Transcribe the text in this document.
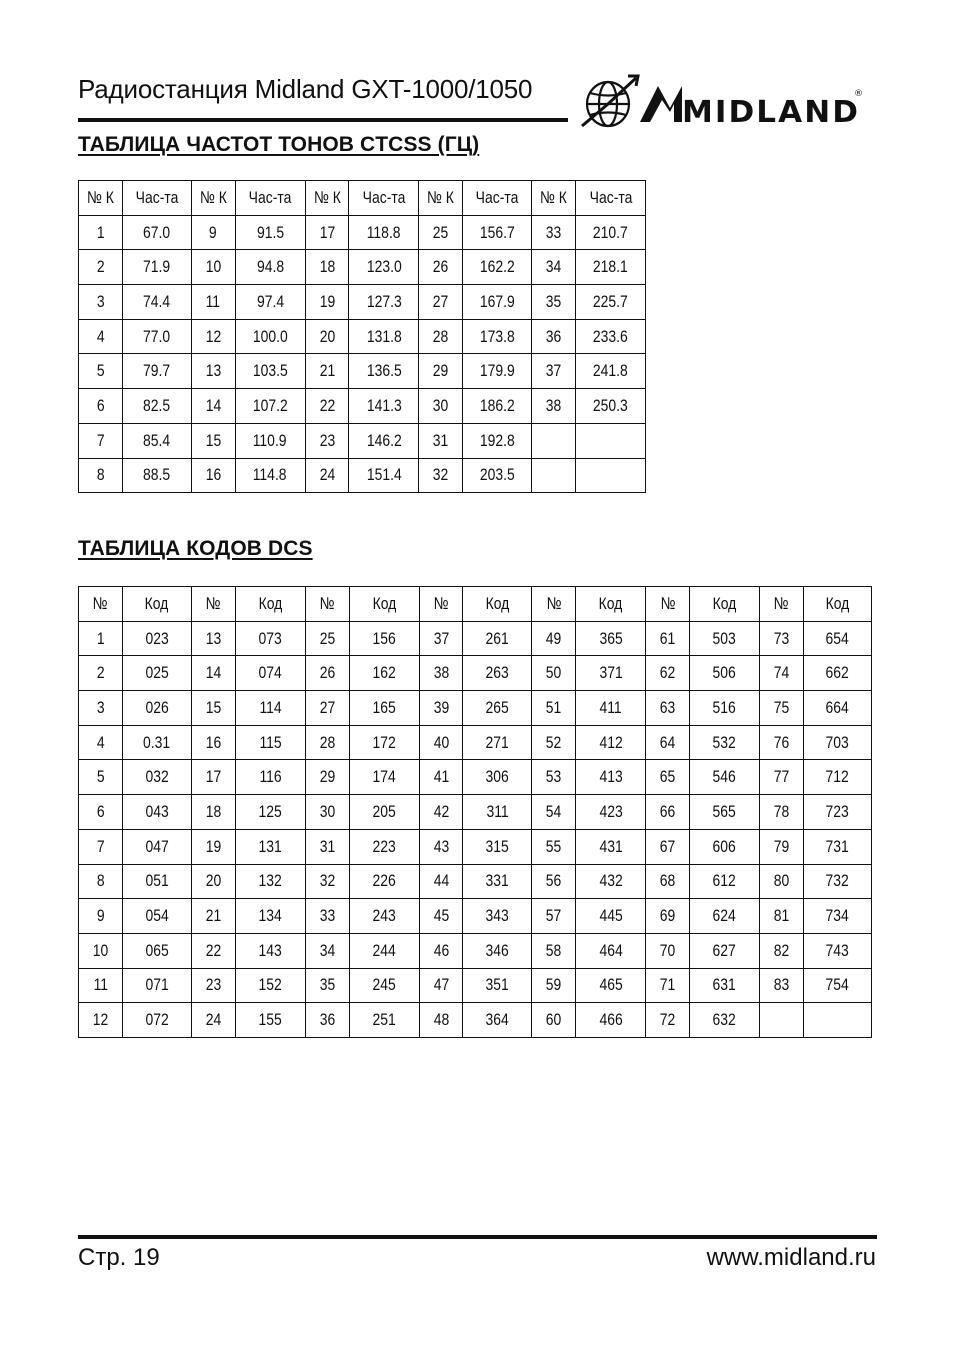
Радиостанция Midland GXT-1000/1050
MIDLAND
®
ТАБЛИЦА ЧАСТОТ ТОНОВ CTCSS (ГЦ)
№ К	Час-та	№ К	Час-та	№ К	Час-та	№ К	Час-та	№ К	Час-та
1	67.0	9	91.5	17	118.8	25	156.7	33	210.7
2	71.9	10	94.8	18	123.0	26	162.2	34	218.1
3	74.4	11	97.4	19	127.3	27	167.9	35	225.7
4	77.0	12	100.0	20	131.8	28	173.8	36	233.6
5	79.7	13	103.5	21	136.5	29	179.9	37	241.8
6	82.5	14	107.2	22	141.3	30	186.2	38	250.3
7	85.4	15	110.9	23	146.2	31	192.8		
8	88.5	16	114.8	24	151.4	32	203.5		
ТАБЛИЦА КОДОВ DCS
№	Код	№	Код	№	Код	№	Код	№	Код	№	Код	№	Код
1	023	13	073	25	156	37	261	49	365	61	503	73	654
2	025	14	074	26	162	38	263	50	371	62	506	74	662
3	026	15	114	27	165	39	265	51	411	63	516	75	664
4	0.31	16	115	28	172	40	271	52	412	64	532	76	703
5	032	17	116	29	174	41	306	53	413	65	546	77	712
6	043	18	125	30	205	42	311	54	423	66	565	78	723
7	047	19	131	31	223	43	315	55	431	67	606	79	731
8	051	20	132	32	226	44	331	56	432	68	612	80	732
9	054	21	134	33	243	45	343	57	445	69	624	81	734
10	065	22	143	34	244	46	346	58	464	70	627	82	743
11	071	23	152	35	245	47	351	59	465	71	631	83	754
12	072	24	155	36	251	48	364	60	466	72	632		
Стр. 19	www.midland.ru
